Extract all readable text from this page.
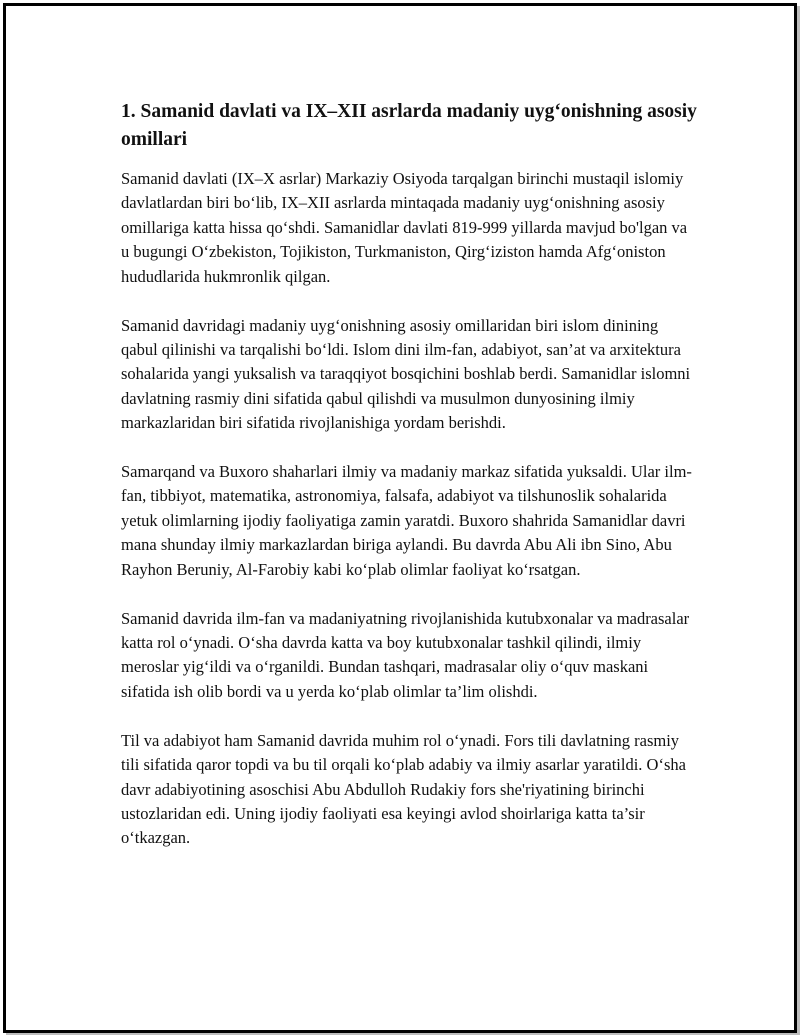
1. Samanid davlati va IX–XII asrlarda madaniy uyg‘onishning asosiy omillari

Samanid davlati (IX–X asrlar) Markaziy Osiyoda tarqalgan birinchi mustaqil islomiy davlatlardan biri bo‘lib, IX–XII asrlarda mintaqada madaniy uyg‘onishning asosiy omillariga katta hissa qo‘shdi. Samanidlar davlati 819-999 yillarda mavjud bo'lgan va u bugungi O‘zbekiston, Tojikiston, Turkmaniston, Qirg‘iziston hamda Afg‘oniston hududlarida hukmronlik qilgan.

Samanid davridagi madaniy uyg‘onishning asosiy omillaridan biri islom dinining qabul qilinishi va tarqalishi bo‘ldi. Islom dini ilm-fan, adabiyot, san’at va arxitektura sohalarida yangi yuksalish va taraqqiyot bosqichini boshlab berdi. Samanidlar islomni davlatning rasmiy dini sifatida qabul qilishdi va musulmon dunyosining ilmiy markazlaridan biri sifatida rivojlanishiga yordam berishdi.

Samarqand va Buxoro shaharlari ilmiy va madaniy markaz sifatida yuksaldi. Ular ilm-fan, tibbiyot, matematika, astronomiya, falsafa, adabiyot va tilshunoslik sohalarida yetuk olimlarning ijodiy faoliyatiga zamin yaratdi. Buxoro shahrida Samanidlar davri mana shunday ilmiy markazlardan biriga aylandi. Bu davrda Abu Ali ibn Sino, Abu Rayhon Beruniy, Al-Farobiy kabi ko‘plab olimlar faoliyat ko‘rsatgan.

Samanid davrida ilm-fan va madaniyatning rivojlanishida kutubxonalar va madrasalar katta rol o‘ynadi. O‘sha davrda katta va boy kutubxonalar tashkil qilindi, ilmiy meroslar yig‘ildi va o‘rganildi. Bundan tashqari, madrasalar oliy o‘quv maskani sifatida ish olib bordi va u yerda ko‘plab olimlar ta’lim olishdi.

Til va adabiyot ham Samanid davrida muhim rol o‘ynadi. Fors tili davlatning rasmiy tili sifatida qaror topdi va bu til orqali ko‘plab adabiy va ilmiy asarlar yaratildi. O‘sha davr adabiyotining asoschisi Abu Abdulloh Rudakiy fors she'riyatining birinchi ustozlaridan edi. Uning ijodiy faoliyati esa keyingi avlod shoirlariga katta ta’sir o‘tkazgan.
